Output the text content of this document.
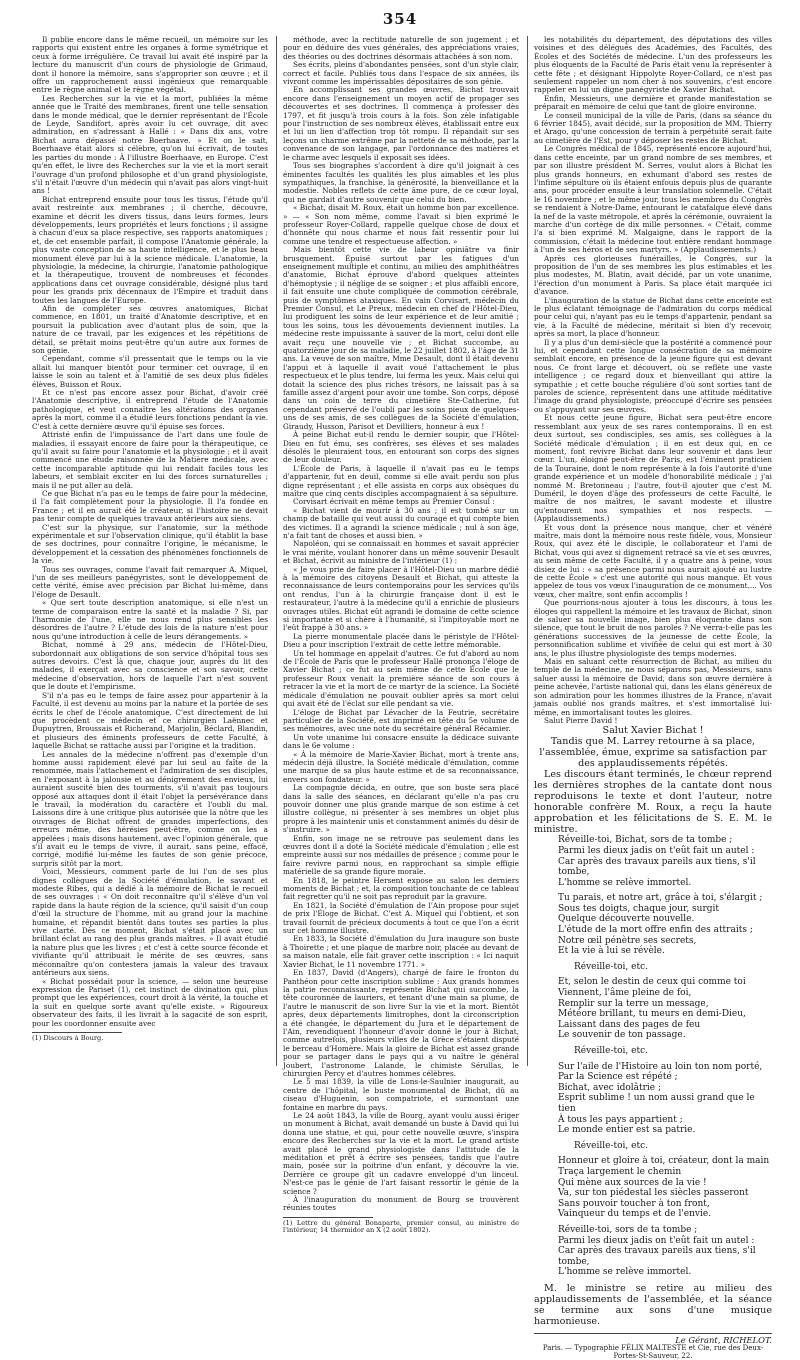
354

Il publie encore dans le même recueil, un mémoire sur les rapports qui existent entre les organes à forme symétrique et ceux à forme irrégulière. Ce travail lui avait été inspiré par la lecture du manuscrit d'un cours de physiologie de Grimaud, dont il honore la mémoire, sans s'approprier son œuvre ; et il offre un rapprochement aussi ingénieux que remarquable entre le règne animal et le règne végétal.

Les Recherches sur la vie et la mort, publiées la même année que le Traité des membranes, firent une telle sensation dans le monde médical, que le dernier représentant de l'École de Leyde, Sandifort, après avoir lu cet ouvrage, dit avec admiration, en s'adressant à Hallé : « Dans dix ans, votre Bichat aura dépassé notre Boerhaave. » Et on le sait, Boerhaave était alors si célèbre, qu'on lui écrivait, de toutes les parties du monde : À l'illustre Boerhaave, en Europe. C'est qu'en effet, le livre des Recherches sur la vie et la mort serait l'ouvrage d'un profond philosophe et d'un grand physiologiste, s'il n'était l'œuvre d'un médecin qui n'avait pas alors vingt-huit ans !

Bichat entreprend ensuite pour tous les tissus, l'étude qu'il avait restreinte aux membranes ; il cherche, découvre, examine et décrit les divers tissus, dans leurs formes, leurs développements, leurs propriétés et leurs fonctions ; il assigne à chacun d'eux sa place respective, ses rapports anatomiques ; et, de cet ensemble parfait, il compose l'Anatomie générale, la plus vaste conception de sa haute intelligence, et le plus beau monument élevé par lui à la science médicale. L'anatomie, la physiologie, la médecine, la chirurgie, l'anatomie pathologique et la thérapeutique, trouvent de nombreuses et fécondes applications dans cet ouvrage considérable, désigné plus tard pour les grands prix décennaux de l'Empire et traduit dans toutes les langues de l'Europe.

Afin de compléter ses œuvres anatomiques, Bichat commence, en 1801, un traité d'Anatomie descriptive, et en poursuit la publication avec d'autant plus de soin, que la nature de ce travail, par les exigences et les répétitions de détail, se prêtait moins peut-être qu'un autre aux formes de son génie.

Cependant, comme s'il pressentait que le temps ou la vie allait lui manquer bientôt pour terminer cet ouvrage, il en laisse le soin au talent et à l'amitié de ses deux plus fidèles élèves, Buisson et Roux.

Et ce n'est pas encore assez pour Bichat, d'avoir créé l'Anatomie descriptive, il entreprend l'étude de l'Anatomie pathologique, et veut connaître les altérations des organes après la mort, comme il a étudié leurs fonctions pendant la vie. C'est à cette dernière œuvre qu'il épuise ses forces.

Attristé enfin de l'impuissance de l'art dans une foule de maladies, il essayait encore de faire pour la thérapeutique, ce qu'il avait su faire pour l'anatomie et la physiologie ; et il avait commencé une étude raisonnée de la Matière médicale, avec cette incomparable aptitude qui lui rendait faciles tous les labeurs, et semblait exciter en lui des forces surnaturelles ; mais il ne put aller au delà.

Ce que Bichat n'a pas eu le temps de faire pour la médecine, il l'a fait complètement pour la physiologie. Il l'a fondée en France ; et il en aurait été le créateur, si l'histoire ne devait pas tenir compte de quelques travaux antérieurs aux siens.

C'est sur la physique, sur l'anatomie, sur la méthode expérimentale et sur l'observation clinique, qu'il établit la base de ses doctrines, pour connaître l'origine, le mécanisme, le développement et la cessation des phénomènes fonctionnels de la vie.

Tous ses ouvrages, comme l'avait fait remarquer A. Miquel, l'un de ses meilleurs panégyristes, sont le développement de cette vérité, émise avec précision par Bichat lui-même, dans l'éloge de Desault.

« Que sert toute description anatomique, si elle n'est un terme de comparaison entre la santé et la maladie ? Si, par l'harmonie de l'une, elle ne nous rend plus sensibles les désordres de l'autre ? L'étude des lois de la nature n'est pour nous qu'une introduction à celle de leurs dérangements. »

Bichat, nommé à 29 ans, médecin de l'Hôtel-Dieu, subordonnait aux obligations de son service d'hôpital tous ses autres devoirs. C'est là que, chaque jour, auprès du lit des malades, il exerçait avec sa conscience et son savoir, cette médecine d'observation, hors de laquelle l'art n'est souvent que le doute et l'empirisme.

S'il n'a pas eu le temps de faire assez pour appartenir à la Faculté, il est devenu au moins par la nature et la portée de ses écrits le chef de l'école anatomique. C'est directement de lui que procèdent ce médecin et ce chirurgien Laënnec et Dupuytren, Broussais et Richerand, Marjolin, Béclard, Blandin, et plusieurs des éminents professeurs de cette Faculté, à laquelle Bichat se rattache aussi par l'origine et la tradition.

Les annales de la médecine n'offrent pas d'exemple d'un homme aussi rapidement élevé par lui seul au faîte de la renommée, mais l'attachement et l'admiration de ses disciples, en l'exposant à la jalousie et au dénigrement des envieux, lui auraient suscité bien des tourments, s'il n'avait pas toujours opposé aux attaques dont il était l'objet la persévérance dans le travail, la modération du caractère et l'oubli du mal. Laissons dire à une critique plus autorisée que la nôtre que les ouvrages de Bichat offrent de grandes imperfections, des erreurs même, des hérésies peut-être, comme on les a appelées ; mais disons hautement, avec l'opinion générale, que s'il avait eu le temps de vivre, il aurait, sans peine, effacé, corrigé, modifié lui-même les fautes de son génie précoce, surpris sitôt par la mort.

Voici, Messieurs, comment parle de lui l'un de ses plus dignes collègues de la Société d'émulation, le savant et modeste Ribes, qui a dédié à la mémoire de Bichat le recueil de ses ouvrages : « On doit reconnaître qu'il s'élève d'un vol rapide dans la haute région de la science, qu'il saisit d'un coup d'œil la structure de l'homme, mit au grand jour la machine humaine, et répandit bientôt dans toutes ses parties la plus vive clarté. Dès ce moment, Bichat s'était placé avec un brillant éclat au rang des plus grands maîtres. » Il avait étudié la nature plus que les livres ; et c'est à cette source féconde et vivifiante qu'il attribuait le mérite de ses œuvres, sans méconnaître qu'on contestera jamais la valeur des travaux antérieurs aux siens.

« Bichat possédait pour la science, — selon une heureuse expression de Pariset (1), cet instinct de divination qui, plus prompt que les expériences, court droit à la vérité, la touche et la suit en quelque sorte avant qu'elle existe. » Rigoureux observateur des faits, il les livrait à la sagacité de son esprit, pour les coordonner ensuite avec

(1) Discours à Bourg.

méthode, avec la rectitude naturelle de son jugement ; et pour en déduire des vues générales, des appréciations vraies, des théories ou des doctrines désormais attachées à son nom.

Ses écrits, pleins d'abondantes pensées, sont d'un style clair, correct et facile. Publiés tous dans l'espace de six années, ils vivront comme les impérissables dépositaires de son génie.

En accomplissant ses grandes œuvres, Bichat trouvait encore dans l'enseignement un moyen actif de propager ses découvertes et ses doctrines. Il commença à professer dès 1797, et fit jusqu'à trois cours à la fois. Son zèle infatigable pour l'instruction de ses nombreux élèves, établissait entre eux et lui un lien d'affection trop tôt rompu. Il répandait sur ses leçons un charme extrême par la netteté de sa méthode, par la convenance de son langage, par l'ordonnance des matières et le charme avec lesquels il exposait ses idées.

Tous ses biographes s'accordent à dire qu'il joignait à ces éminentes facultés les qualités les plus aimables et les plus sympathiques, la franchise, la générosité, la bienveillance et la modestie. Nobles reflets de cette âme pure, de ce cœur loyal, qui ne gardait d'autre souvenir que celui du bien.

« Bichat, disait M. Roux, était un homme bon par excellence. » — « Son nom même, comme l'avait si bien exprimé le professeur Royer-Collard, rappelle quelque chose de doux et d'honnête qui nous charme et nous fait ressentir pour lui comme une tendre et respectueuse affection. »

Mais bientôt cette vie de labeur opiniâtre va finir brusquement. Épuisé surtout par les fatigues d'un enseignement multiple et continu, au milieu des amphithéâtres d'anatomie, Bichat éprouve d'abord quelques atteintes d'hémoptysie ; il néglige de se soigner ; et plus affaibli encore, il fait ensuite une chute compliquée de commotion cérébrale, puis de symptômes ataxiques. En vain Corvisart, médecin du Premier Consul, et Le Preux, médecin en chef de l'Hôtel-Dieu, lui prodiguent les soins de leur expérience et de leur amitié ; tous les soins, tous les dévouements deviennent inutiles. La médecine reste impuissante à sauver de la mort, celui dont elle avait reçu une nouvelle vie ; et Bichat succombe, au quatorzième jour de sa maladie, le 22 juillet 1802, à l'âge de 31 ans. La veuve de son maître, Mme Desault, dont il était devenu l'appui et à laquelle il avait voué l'attachement le plus respectueux et le plus tendre, lui ferma les yeux. Mais celui qui dotait la science des plus riches trésors, ne laissait pas à sa famille assez d'argent pour avoir une tombe. Son corps, déposé dans un coin de terre du cimetière Ste-Catherine, fut cependant préservé de l'oubli par les soins pieux de quelques-uns de ses amis, de ses collègues de la Société d'émulation, Giraudy, Husson, Parisot et Devilliers, honneur à eux !

À peine Bichat eut-il rendu le dernier soupir, que l'Hôtel-Dieu en fut ému, ses confrères, ses élèves et ses malades désolés le pleuraient tous, en entourant son corps des signes de leur douleur.

L'École de Paris, à laquelle il n'avait pas eu le temps d'appartenir, fut en deuil, comme si elle avait perdu son plus digne représentant ; et elle assista en corps aux obsèques du maître que cinq cents disciples accompagnaient à sa sépulture.

Corvisart écrivait en même temps au Premier Consul :

« Bichat vient de mourir à 30 ans ; il est tombé sur un champ de bataille qui veut aussi du courage et qui compte bien des victimes. Il a agrandi la science médicale ; nul à son âge, n'a fait tant de choses et aussi bien. »

Napoléon, qui se connaissait en hommes et savait apprécier le vrai mérite, voulant honorer dans un même souvenir Desault et Bichat, écrivit au ministre de l'intérieur (1) :

« Je vous prie de faire placer à l'Hôtel-Dieu un marbre dédié à la mémoire des citoyens Desault et Bichat, qui atteste la reconnaissance de leurs contemporains pour les services qu'ils ont rendus, l'un à la chirurgie française dont il est le restaurateur, l'autre à la médecine qu'il a enrichie de plusieurs ouvrages utiles. Bichat eût agrandi le domaine de cette science si importante et si chère à l'humanité, si l'impitoyable mort ne l'eût frappé à 30 ans. »

La pierre monumentale placée dans le péristyle de l'Hôtel-Dieu a pour inscription l'extrait de cette lettre mémorable.

Un tel hommage en appelait d'autres. Ce fut d'abord au nom de l'École de Paris que le professeur Hallé prononça l'éloge de Xavier Bichat ; ce fut au sein même de cette École que le professeur Roux venait la première séance de son cours à retracer la vie et la mort de ce martyr de la science. La Société médicale d'émulation ne pouvait oublier après sa mort celui qui avait été de l'éclat sur elle pendant sa vie.

L'éloge de Bichat par Lévacher de la Feutrie, secrétaire particulier de la Société, est imprimé en tête du 5e volume de ses mémoires, avec une note du secrétaire général Récamier.

Un vote unanime lui consacre ensuite la dédicace suivante dans le 6e volume :

« À la mémoire de Marie-Xavier Bichat, mort à trente ans, médecin déjà illustre, la Société médicale d'émulation, comme une marque de sa plus haute estime et de sa reconnaissance, envers son fondateur. »

La compagnie décida, en outre, que son buste sera placé dans la salle des séances, en déclarant qu'elle n'a pas cru pouvoir donner une plus grande marque de son estime à cet illustre collègue, ni présenter à ses membres un objet plus propre à les maintenir unis et constamment animés du désir de s'instruire. »

Enfin, son image ne se retrouve pas seulement dans les œuvres dont il a doté la Société médicale d'émulation ; elle est empreinte aussi sur nos médailles de présence ; comme pour le faire revivre parmi nous, en rapprochant sa simple effigie matérielle de sa grande figure morale.

En 1818, le peintre Hersent expose au salon les derniers moments de Bichat ; et, la composition touchante de ce tableau fait regretter qu'il ne soit pas reproduit par la gravure.

En 1821, la Société d'émulation de l'Ain propose pour sujet de prix l'Éloge de Bichat. C'est A. Miquel qui l'obtient, et son travail fournit de précieux documents à tout ce que l'on a écrit sur cet homme illustre.

En 1833, la Société d'émulation du Jura inaugure son buste à Thoirette ; et une plaque de marbre noir, placée au devant de sa maison natale, elle fait graver cette inscription : « Ici naquit Xavier Bichat, le 11 novembre 1771. »

En 1837, David (d'Angers), chargé de faire le fronton du Panthéon pour cette inscription sublime : Aux grands hommes la patrie reconnaissante, représente Bichat qui succombe, la tête couronnée de lauriers, et tenant d'une main sa plume, de l'autre le manuscrit de son livre Sur la vie et la mort. Bientôt après, deux départements limitrophes, dont la circonscription a été changée, le département du Jura et le département de l'Ain, revendiquent l'honneur d'avoir donné le jour à Bichat, comme autrefois, plusieurs villes de la Grèce s'étaient disputé le berceau d'Homère. Mais la gloire de Bichat est assez grande pour se partager dans le pays qui a vu naître le général Joubert, l'astronome Lalande, le chimiste Sérullas, le chirurgien Percy et d'autres hommes célèbres.

Le 5 mai 1839, la ville de Lons-le-Saulnier inaugurait, au centre de l'hôpital, le buste monumental de Bichat, dû au ciseau d'Huguenin, son compatriote, et surmontant une fontaine en marbre du pays.

Le 24 août 1843, la ville de Bourg, ayant voulu aussi ériger un monument à Bichat, avait demandé un buste à David qui lui donna une statue, et qui, pour cette nouvelle œuvre, s'inspira encore des Recherches sur la vie et la mort. Le grand artiste avait placé le grand physiologiste dans l'attitude de la méditation et prêt à écrire ses pensées, tandis que l'autre main, posée sur la poitrine d'un enfant, y découvre la vie. Derrière ce groupe gît un cadavre enveloppé d'un linceul. N'est-ce pas le génie de l'art faisant ressortir le génie de la science ?

À l'inauguration du monument de Bourg se trouvèrent réunies toutes

(1) Lettre du général Bonaparte, premier consul, au ministre de l'intérieur, 14 thermidor an X (2 août 1802).

les notabilités du département, des députations des villes voisines et des délégués des Académies, des Facultés, des Écoles et des Sociétés de médecine. L'un des professeurs les plus éloquents de la Faculté de Paris était venu la représenter à cette fête ; et désignant Hippolyte Royer-Collard, ce n'est pas seulement rappeler un nom cher à nos souvenirs, c'est encore rappeler en lui un digne panégyriste de Xavier Bichat.

Enfin, Messieurs, une dernière et grande manifestation se préparait en mémoire de celui que tant de gloire environne.

Le conseil municipal de la ville de Paris, (dans sa séance du 6 février 1845), avait décidé, sur la proposition de MM. Thierry et Arago, qu'une concession de terrain à perpétuité serait faite au cimetière de l'Est, pour y déposer les restes de Bichat.

Le Congrès médical de 1845, représenté encore aujourd'hui, dans cette enceinte, par un grand nombre de ses membres, et par son illustre président M. Serres, voulut alors à Bichat les plus grands honneurs, en exhumant d'abord ses restes de l'infime sépulture où ils étaient enfouis depuis plus de quarante ans, pour procéder ensuite à leur translation solennelle. C'était le 16 novembre ; et le même jour, tous les membres du Congrès se rendaient à Notre-Dame, entourant le catafalque élevé dans la nef de la vaste métropole, et après la cérémonie, ouvraient la marche d'un cortège de dix mille personnes. « C'était, comme l'a si bien exprimé M. Malgaigne, dans le rapport de la commission, c'était la médecine tout entière rendant hommage à l'un de ses héros et de ses martyrs. » (Applaudissements.)

Après ces glorieuses funérailles, le Congrès, sur la proposition de l'un de ses membres les plus estimables et les plus modestes, M. Blatin, avait décidé, par un vote unanime, l'érection d'un monument à Paris. Sa place était marquée ici d'avance.

L'inauguration de la statue de Bichat dans cette enceinte est le plus éclatant témoignage de l'admiration du corps médical pour celui qui, n'ayant pas eu le temps d'appartenir, pendant sa vie, à la Faculté de médecine, méritait si bien d'y recevoir, après sa mort, la place d'honneur.

Il y a plus d'un demi-siècle que la postérité a commencé pour lui, et cependant cette longue consécration de sa mémoire semblait encore, en présence de la jeune figure qui est devant nous. Ce front large et découvert, où se reflète une vaste intelligence ; ce regard doux et bienveillant qui attire la sympathie ; et cette bouche régulière d'où sont sorties tant de paroles de science, représentent dans une attitude méditative l'image du grand physiologiste, préoccupé d'écrire ses pensées ou s'appuyant sur ses œuvres.

Et nous cette jeune figure, Bichat sera peut-être encore ressemblant aux yeux de ses rares contemporains. Il en est deux surtout, ses condisciples, ses amis, ses collègues à la Société médicale d'émulation ; il en est deux qui, en ce moment, font revivre Bichat dans leur souvenir et dans leur cœur. L'un, éloigné peut-être de Paris, est l'éminent praticien de la Touraine, dont le nom représente à la fois l'autorité d'une grande expérience et un modèle d'honorabilité médicale ; j'ai nommé M. Bretonneau ; l'autre, fout-il ajouter que c'est M. Duméril, le doyen d'âge des professeurs de cette Faculté, le maître de nos maîtres, le savant modeste et illustre qu'entourent nos sympathies et nos respects. — (Applaudissements.)

Et vous dont la présence nous manque, cher et vénéré maître, mais dont la mémoire nous reste fidèle, vous, Monsieur Roux, qui avez été le disciple, le collaborateur et l'ami de Bichat, vous qui avez si dignement retracé sa vie et ses œuvres, au sein même de cette Faculté, il y a quatre ans à peine, vous disiez de lui : « sa présence parmi nous aurait ajouté au lustre de cette École » c'est une autorité qui nous manque. Et vous appelez de tous vos vœux l'inauguration de ce monument.... Vos vœux, cher maître, sont enfin accomplis !

Que pourrions-nous ajouter à tous les discours, à tous les éloges qui rappellent la mémoire et les travaux de Bichat, sinon de saluer sa nouvelle image, bien plus éloquente dans son silence, que tout le bruit de nos paroles ? Ne verra-t-elle pas les générations successives de la jeunesse de cette École, la personnification sublime et vivifiée de celui qui est mort à 30 ans, le plus illustre physiologiste des temps modernes.

Mais en saluant cette résurrection de Bichat, au milieu du temple de la médecine, ne nous séparons pas, Messieurs, sans saluer aussi la mémoire de David, dans son œuvre dernière à peine achevée, l'artiste national qui, dans les élans généreux de son admiration pour les hommes illustres de la France, n'avait jamais oublié nos grands maîtres, et s'est immortalisé lui-même, en immortalisant toutes les gloires.

Salut Pierre David !

Salut Xavier Bichat !

Tandis que M. Larrey retourne à sa place, l'assemblée, émue, exprime sa satisfaction par des applaudissements répétés.

Les discours étant terminés, le chœur reprend les dernières strophes de la cantate dont nous reproduisons le texte et dont l'auteur, notre honorable confrère M. Roux, a reçu la haute approbation et les félicitations de S. E. M. le ministre.

Réveille-toi, Bichat, sors de ta tombe ;

Parmi les dieux jadis on t'eût fait un autel :

Car après des travaux pareils aux tiens, s'il tombe,

L'homme se relève immortel.

Tu parais, et notre art, grâce à toi, s'élargit ;

Sous tes doigts, chaque jour, surgit

Quelque découverte nouvelle.

L'étude de la mort offre enfin des attraits ;

Notre œil pénètre ses secrets,

Et la vie à lui se révèle.

Réveille-toi, etc.

Et, selon le destin de ceux qui comme toi

Viennent, l'âme pleine de foi,

Remplir sur la terre un message,

Météore brillant, tu meurs en demi-Dieu,

Laissant dans des pages de feu

Le souvenir de ton passage.

Réveille-toi, etc.

Sur l'aile de l'Histoire au loin ton nom porté,

Par la Science est répété ;

Bichat, avec idolâtrie ;

Esprit sublime ! un nom aussi grand que le tien

À tous les pays appartient ;

Le monde entier est sa patrie.

Réveille-toi, etc.

Honneur et gloire à toi, créateur, dont la main

Traça largement le chemin

Qui mène aux sources de la vie !

Va, sur ton piédestal les siècles passeront

Sans pouvoir toucher à ton front,

Vainqueur du temps et de l'envie.

Réveille-toi, sors de ta tombe ;

Parmi les dieux jadis on t'eût fait un autel :

Car après des travaux pareils aux tiens, s'il tombe,

L'homme se relève immortel.

M. le ministre se retire au milieu des applaudissements de l'assemblée, et la séance se termine aux sons d'une musique harmonieuse.

Le Gérant, RICHELOT.
Paris. — Typographie FÉLIX MALTESTE et Cie, rue des Deux-Portes-St-Sauveur, 22.
